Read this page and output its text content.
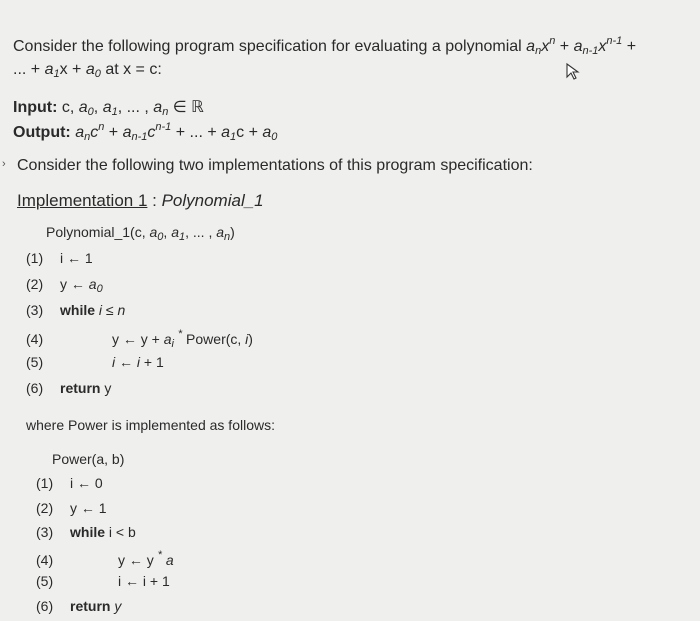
Consider the following program specification for evaluating a polynomial $a_nx^n + a_{n-1}x^{n-1}$ +
... + $a_1x + a_0$ at x = c:
Input: c, $a_0$, $a_1$, ... , $a_n$ ∈ ℝ
Output: $a_nc^n + a_{n-1}c^{n-1}$ + ... + $a_1c + a_0$
› Consider the following two implementations of this program specification:
Implementation 1 : Polynomial_1
Polynomial_1(c, $a_0$, $a_1$, ... , $a_n$)
(1) i ← 1
(2) y ← $a_0$
(3) while i ≤ n
(4)	y ← $y + a_i$ * Power(c, i)
(5)	i ← i + 1
(6) return y
where Power is implemented as follows:
Power(a, b)
(1) i ← 0
(2) y ← 1
(3) while i < b
(4)	y ← y * a
(5)	i ← i + 1
(6) return y
